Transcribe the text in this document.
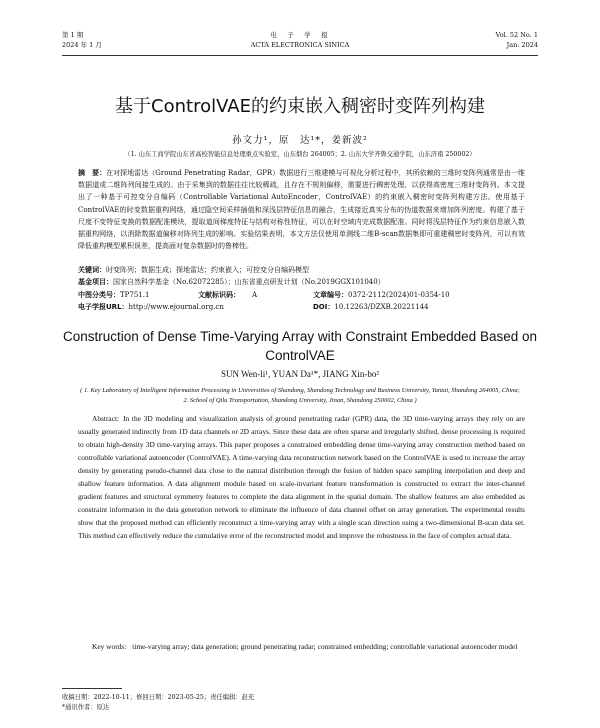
第 1 期
2024 年 1 月
电　子　学　报
ACTA ELECTRONICA SINICA
Vol. 52 No. 1
Jan. 2024
基于ControlVAE的约束嵌入稠密时变阵列构建
孙文力¹，原　达¹*，姜新波²
（1. 山东工商学院山东省高校智能信息处理重点实验室，山东烟台 264005；2. 山东大学齐鲁交通学院，山东济南 250002）
摘　要：在对探地雷达（Ground Penetrating Radar，GPR）数据进行三维建模与可视化分析过程中，其所依赖的三维时变阵列通常是由一维数据道或二维阵列间接生成的。由于采集到的数据往往比较稀疏，且存在不规则偏移，需要进行稠密处理，以获得高密度三维时变阵列。本文提出了一种基于可控变分自编码（Controllable Variational AutoEncoder，ControlVAE）的约束嵌入稠密时变阵列构建方法。使用基于ControlVAE的时变数据重构网络，通过隐空间采样插值和深浅层特征信息的融合，生成接近真实分布的伪道数据来增加阵列密度。构建了基于尺度不变特征变换的数据配准模块，提取道间梯度特征与结构对称性特征，可以在时空域内完成数据配准。同时将浅层特征作为约束信息嵌入数据重构网络，以消除数据道偏移对阵列生成的影响。实验结果表明，本文方法仅使用单测线二维B-scan数据集即可重建稠密时变阵列，可以有效降低重构模型累积误差，提高面对复杂数据时的鲁棒性。
关键词：时变阵列；数据生成；探地雷达；约束嵌入；可控变分自编码模型
基金项目：国家自然科学基金（No.62072285）；山东省重点研发计划（No.2019GGX101040）
中图分类号：TP751.1	文献标识码： A	文章编号：0372-2112(2024)01-0354-10
电子学报URL：http://www.ejournal.org.cn	DOI：10.12263/DZXB.20221144
Construction of Dense Time-Varying Array with Constraint Embedded Based on ControlVAE
SUN Wen-li¹, YUAN Da¹*, JIANG Xin-bo²
( 1. Key Laboratory of Intelligent Information Processing in Universities of Shandong, Shandong Technology and Business University, Yantai, Shandong 264005, China;
2. School of Qilu Transportation, Shandong University, Jinan, Shandong 250002, China )
Abstract: In the 3D modeling and visualization analysis of ground penetrating radar (GPR) data, the 3D time-varying arrays they rely on are usually generated indirectly from 1D data channels or 2D arrays. Since these data are often sparse and irregularly shifted, dense processing is required to obtain high-density 3D time-varying arrays. This paper proposes a constrained embedding dense time-varying array construction method based on controllable variational autoencoder (ControlVAE). A time-varying data reconstruction network based on the ControlVAE is used to increase the array density by generating pseudo-channel data close to the natural distribution through the fusion of hidden space sampling interpolation and deep and shallow feature information. A data alignment module based on scale-invariant feature transformation is constructed to extract the inter-channel gradient features and structural symmetry features to complete the data alignment in the spatial domain. The shallow features are also embedded as constraint information in the data generation network to eliminate the influence of data channel offset on array generation. The experimental results show that the proposed method can efficiently reconstruct a time-varying array with a single scan direction using a two-dimensional B-scan data set. This method can effectively reduce the cumulative error of the reconstructed model and improve the robustness in the face of complex actual data.
Key words: time-varying array; data generation; ground penetrating radar; constrained embedding; controllable variational autoencoder model
收稿日期：2022-10-11；修回日期：2023-05-25；责任编辑：赵充
*通讯作者：原达
